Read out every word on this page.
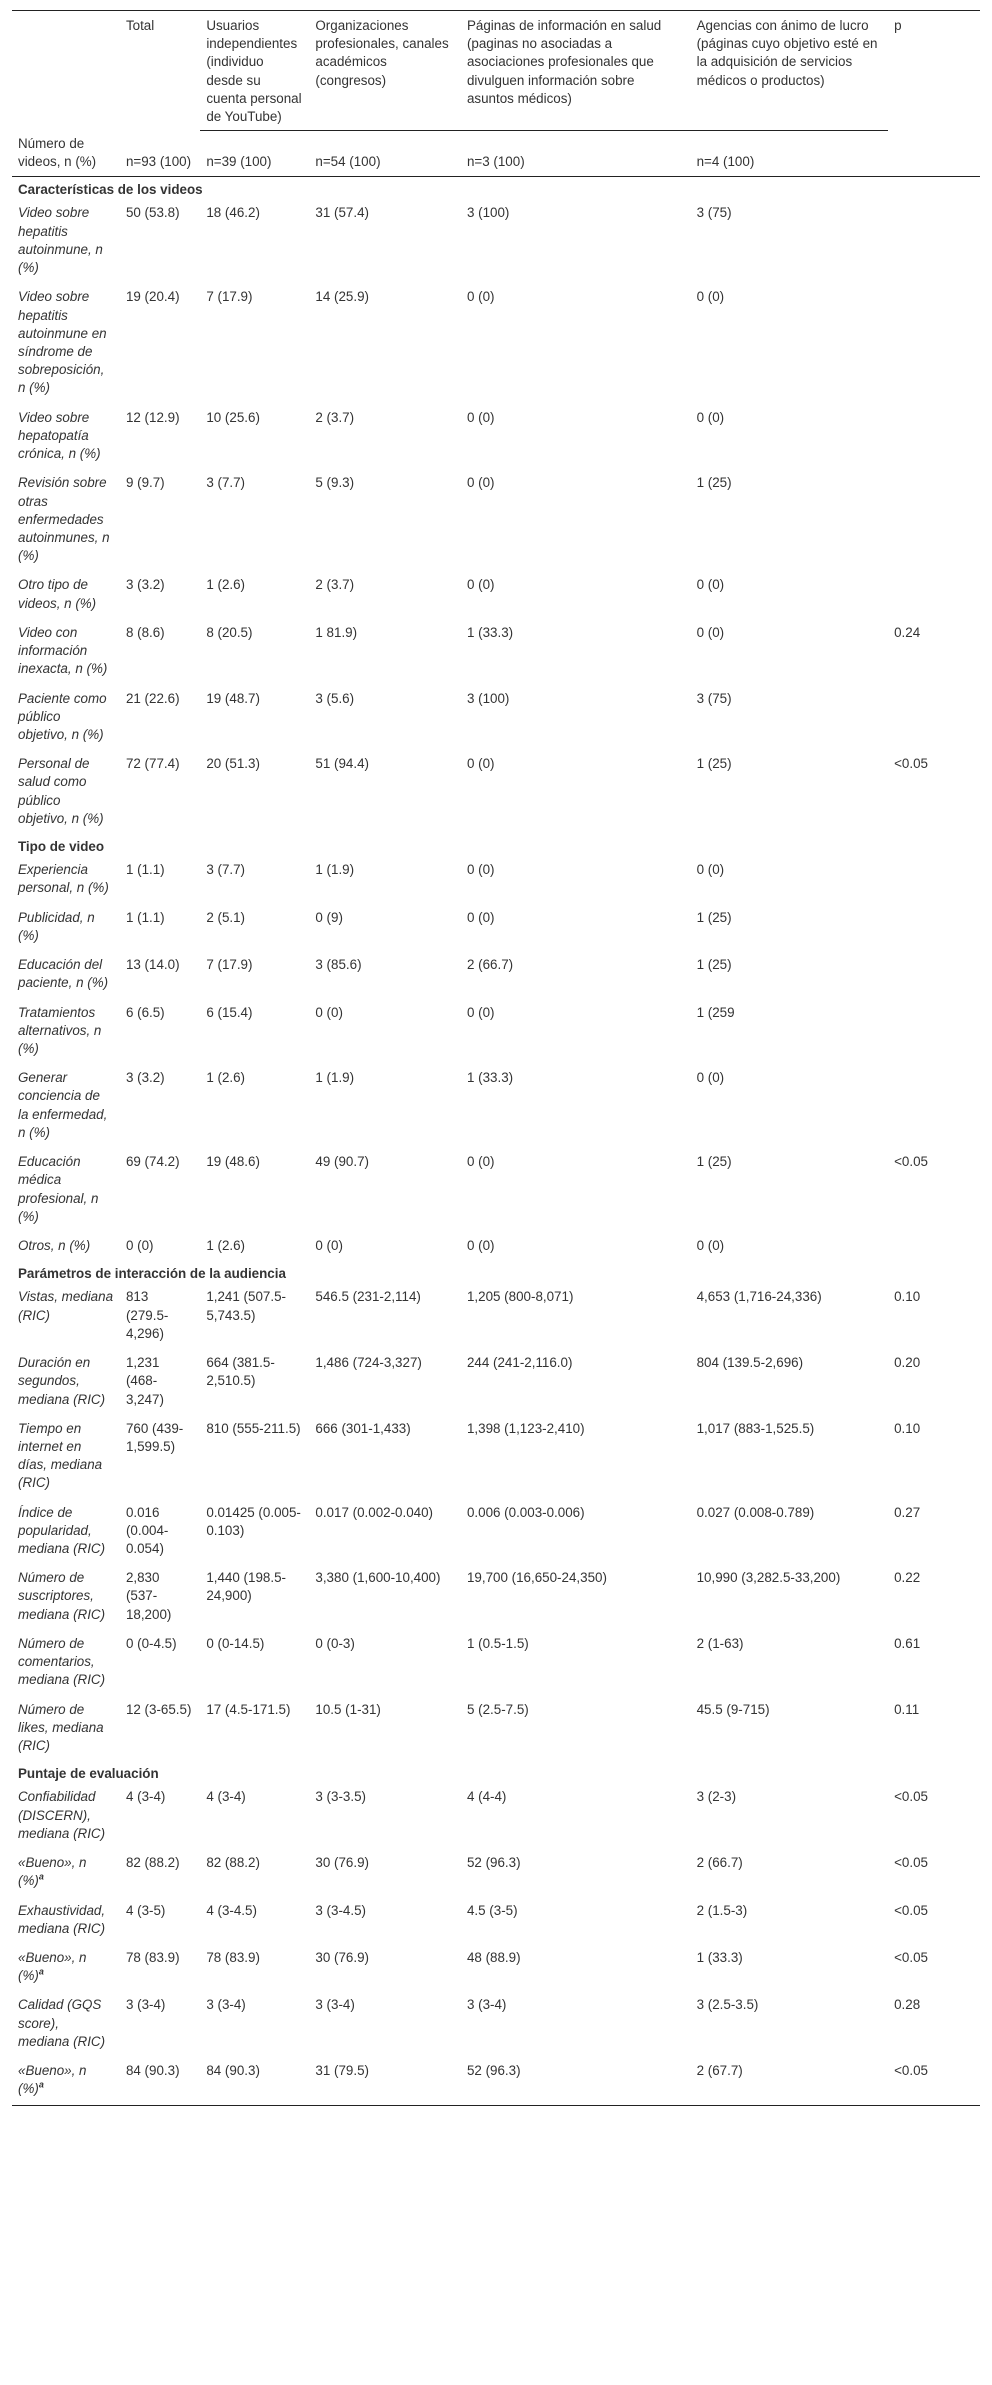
	Total	Usuarios independientes (individuo desde su cuenta personal de YouTube)	Organizaciones profesionales, canales académicos (congresos)	Páginas de información en salud (paginas no asociadas a asociaciones profesionales que divulguen información sobre asuntos médicos)	Agencias con ánimo de lucro (páginas cuyo objetivo esté en la adquisición de servicios médicos o productos)	p
Número de videos, n (%)	n=93 (100)	n=39 (100)	n=54 (100)	n=3 (100)	n=4 (100)	
Características de los videos						
Video sobre hepatitis autoinmune, n (%)	50 (53.8)	18 (46.2)	31 (57.4)	3 (100)	3 (75)	
Video sobre hepatitis autoinmune en síndrome de sobreposición, n (%)	19 (20.4)	7 (17.9)	14 (25.9)	0 (0)	0 (0)	
Video sobre hepatopatía crónica, n (%)	12 (12.9)	10 (25.6)	2 (3.7)	0 (0)	0 (0)	
Revisión sobre otras enfermedades autoinmunes, n (%)	9 (9.7)	3 (7.7)	5 (9.3)	0 (0)	1 (25)	
Otro tipo de videos, n (%)	3 (3.2)	1 (2.6)	2 (3.7)	0 (0)	0 (0)	
Video con información inexacta, n (%)	8 (8.6)	8 (20.5)	1 81.9)	1 (33.3)	0 (0)	0.24
Paciente como público objetivo, n (%)	21 (22.6)	19 (48.7)	3 (5.6)	3 (100)	3 (75)	
Personal de salud como público objetivo, n (%)	72 (77.4)	20 (51.3)	51 (94.4)	0 (0)	1 (25)	<0.05
Tipo de video						
Experiencia personal, n (%)	1 (1.1)	3 (7.7)	1 (1.9)	0 (0)	0 (0)	
Publicidad, n (%)	1 (1.1)	2 (5.1)	0 (9)	0 (0)	1 (25)	
Educación del paciente, n (%)	13 (14.0)	7 (17.9)	3 (85.6)	2 (66.7)	1 (25)	
Tratamientos alternativos, n (%)	6 (6.5)	6 (15.4)	0 (0)	0 (0)	1 (259	
Generar conciencia de la enfermedad, n (%)	3 (3.2)	1 (2.6)	1 (1.9)	1 (33.3)	0 (0)	
Educación médica profesional, n (%)	69 (74.2)	19 (48.6)	49 (90.7)	0 (0)	1 (25)	<0.05
Otros, n (%)	0 (0)	1 (2.6)	0 (0)	0 (0)	0 (0)	
Parámetros de interacción de la audiencia						
Vistas, mediana (RIC)	813 (279.5-4,296)	1,241 (507.5-5,743.5)	546.5 (231-2,114)	1,205 (800-8,071)	4,653 (1,716-24,336)	0.10
Duración en segundos, mediana (RIC)	1,231 (468-3,247)	664 (381.5-2,510.5)	1,486 (724-3,327)	244 (241-2,116.0)	804 (139.5-2,696)	0.20
Tiempo en internet en días, mediana (RIC)	760 (439-1,599.5)	810 (555-211.5)	666 (301-1,433)	1,398 (1,123-2,410)	1,017 (883-1,525.5)	0.10
Índice de popularidad, mediana (RIC)	0.016 (0.004-0.054)	0.01425 (0.005-0.103)	0.017 (0.002-0.040)	0.006 (0.003-0.006)	0.027 (0.008-0.789)	0.27
Número de suscriptores, mediana (RIC)	2,830 (537-18,200)	1,440 (198.5-24,900)	3,380 (1,600-10,400)	19,700 (16,650-24,350)	10,990 (3,282.5-33,200)	0.22
Número de comentarios, mediana (RIC)	0 (0-4.5)	0 (0-14.5)	0 (0-3)	1 (0.5-1.5)	2 (1-63)	0.61
Número de likes, mediana (RIC)	12 (3-65.5)	17 (4.5-171.5)	10.5 (1-31)	5 (2.5-7.5)	45.5 (9-715)	0.11
Puntaje de evaluación						
Confiabilidad (DISCERN), mediana (RIC)	4 (3-4)	4 (3-4)	3 (3-3.5)	4 (4-4)	3 (2-3)	<0.05
«Bueno», n (%)$^a$	82 (88.2)	82 (88.2)	30 (76.9)	52 (96.3)	2 (66.7)	<0.05
Exhaustividad, mediana (RIC)	4 (3-5)	4 (3-4.5)	3 (3-4.5)	4.5 (3-5)	2 (1.5-3)	<0.05
«Bueno», n (%)$^a$	78 (83.9)	78 (83.9)	30 (76.9)	48 (88.9)	1 (33.3)	<0.05
Calidad (GQS score), mediana (RIC)	3 (3-4)	3 (3-4)	3 (3-4)	3 (3-4)	3 (2.5-3.5)	0.28
«Bueno», n (%)$^a$	84 (90.3)	84 (90.3)	31 (79.5)	52 (96.3)	2 (67.7)	<0.05
